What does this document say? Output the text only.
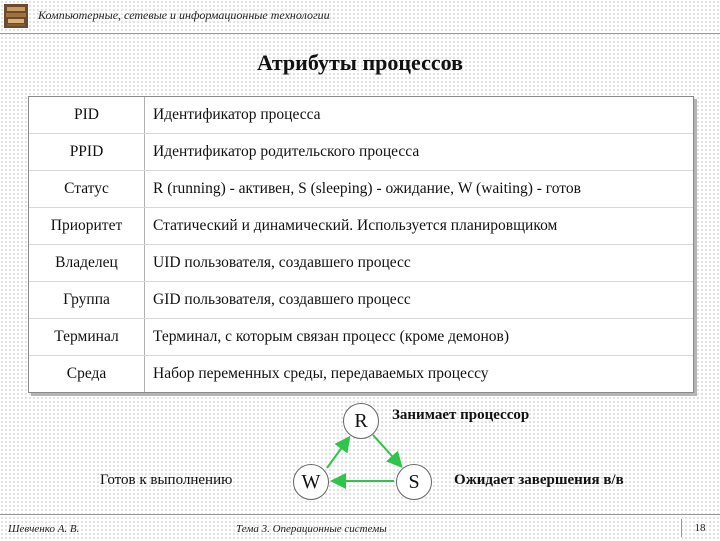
Компьютерные, сетевые и информационные технологии
Атрибуты процессов
PID	Идентификатор процесса
PPID	Идентификатор родительского процесса
Статус	R (running) - активен, S (sleeping) - ожидание, W (waiting) - готов
Приоритет	Статический и динамический. Используется планировщиком
Владелец	UID пользователя, создавшего процесс
Группа	GID пользователя, создавшего процесс
Терминал	Терминал, с которым связан процесс (кроме демонов)
Среда	Набор переменных среды, передаваемых процессу
R
W	S
Занимает процессор
Готов к выполнению	Ожидает завершения в/в
Шевченко А. В.	Тема 3. Операционные системы	18
